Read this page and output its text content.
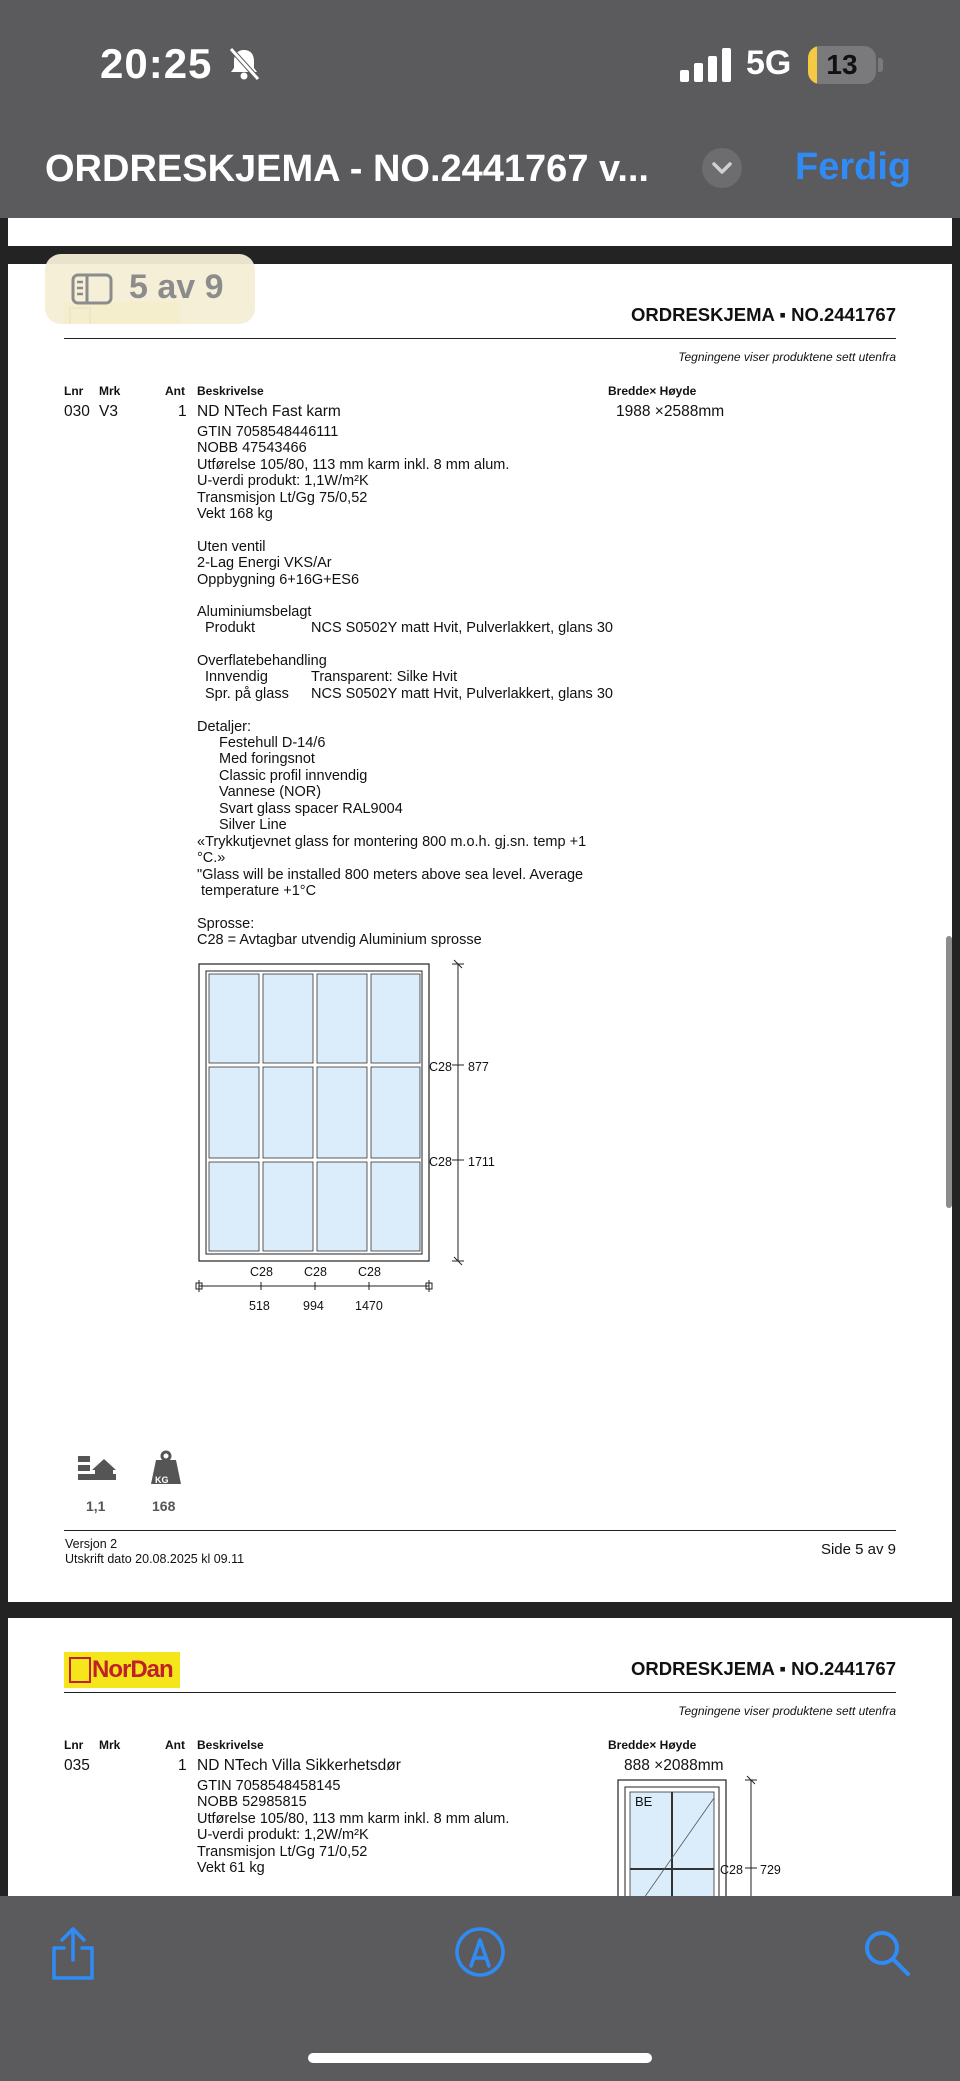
20:25	5G	13
ORDRESKJEMA - NO.2441767 v...	Ferdig
ORDRESKJEMA ▪ NO.2441767
Tegningene viser produktene sett utenfra
Lnr Mrk	Ant Beskrivelse	Bredde× Høyde
030 V3	1 ND NTech Fast karm	1988 ×2588mm
GTIN 7058548446111
NOBB 47543466
Utførelse 105/80, 113 mm karm inkl. 8 mm alum.
U-verdi produkt: 1,1W/m²K
Transmisjon Lt/Gg 75/0,52
Vekt 168 kg
Uten ventil
2-Lag Energi VKS/Ar
Oppbygning 6+16G+ES6
Aluminiumsbelagt
Produkt	NCS S0502Y matt Hvit, Pulverlakkert, glans 30
Overflatebehandling
Innvendig	Transparent: Silke Hvit
Spr. på glass NCS S0502Y matt Hvit, Pulverlakkert, glans 30
Detaljer:
Festehull D-14/6
Med foringsnot
Classic profil innvendig
Vannese (NOR)
Svart glass spacer RAL9004
Silver Line
«Trykkutjevnet glass for montering 800 m.o.h. gj.sn. temp +1
°C.»
"Glass will be installed 800 meters above sea level. Average
temperature +1°C
Sprosse:
C28 = Avtagbar utvendig Aluminium sprosse
C28 877
C28 1711
C28 C28 C28
518	994 1470
1,1
KG
168
Versjon 2
Utskrift dato 20.08.2025 kl 09.11
Side 5 av 9
NorDan	ORDRESKJEMA ▪ NO.2441767
Tegningene viser produktene sett utenfra
Lnr Mrk	Ant Beskrivelse	Bredde× Høyde
035	1 ND NTech Villa Sikkerhetsdør	888 ×2088mm
GTIN 7058548458145
NOBB 52985815
Utførelse 105/80, 113 mm karm inkl. 8 mm alum.
U-verdi produkt: 1,2W/m²K
Transmisjon Lt/Gg 71/0,52
Vekt 61 kg
BE
C28 729
5 av 9
